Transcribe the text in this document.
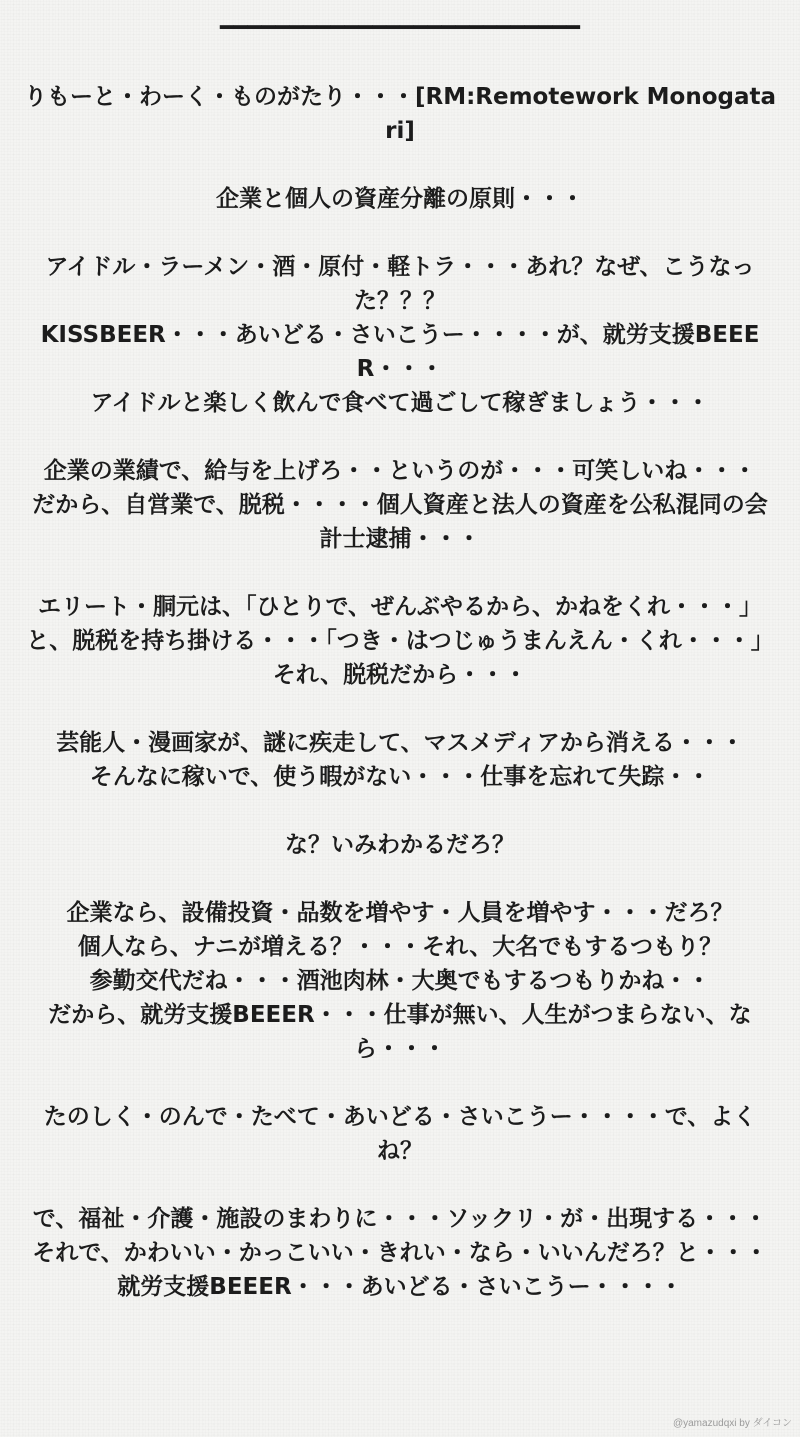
━━━━━━━━━━━━━━━━━━━━━━━━━━
りもーと・わーく・ものがたり・・・[RM:Remotework Monogatari]
企業と個人の資産分離の原則・・・
アイドル・ラーメン・酒・原付・軽トラ・・・あれ？なぜ、こうなった？？？
KISSBEER・・・あいどる・さいこうー・・・・が、就労支援BEEER・・・
アイドルと楽しく飲んで食べて過ごして稼ぎましょう・・・
企業の業績で、給与を上げろ・・というのが・・・可笑しいね・・・
だから、自営業で、脱税・・・・個人資産と法人の資産を公私混同の会計士逮捕・・・
エリート・胴元は、「ひとりで、ぜんぶやるから、かねをくれ・・・」
と、脱税を持ち掛ける・・・「つき・はつじゅうまんえん・くれ・・・」
それ、脱税だから・・・
芸能人・漫画家が、謎に疾走して、マスメディアから消える・・・
そんなに稼いで、使う暇がない・・・仕事を忘れて失踪・・
な？いみわかるだろ？
企業なら、設備投資・品数を増やす・人員を増やす・・・だろ？
個人なら、ナニが増える？・・・それ、大名でもするつもり？
参勤交代だね・・・酒池肉林・大奥でもするつもりかね・・
だから、就労支援BEEER・・・仕事が無い、人生がつまらない、なら・・・
たのしく・のんで・たべて・あいどる・さいこうー・・・・で、よくね？
で、福祉・介護・施設のまわりに・・・ソックリ・が・出現する・・・
それで、かわいい・かっこいい・きれい・なら・いいんだろ？と・・・
就労支援BEEER・・・あいどる・さいこうー・・・・
@yamazudqxi by ダイコン
